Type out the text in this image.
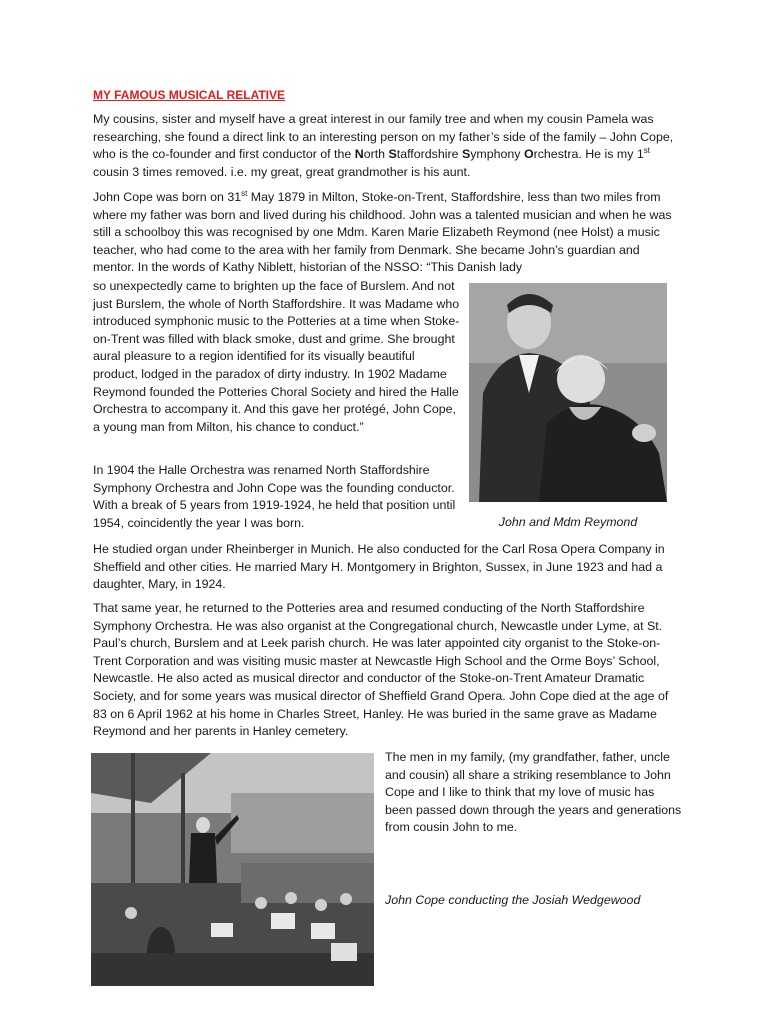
MY FAMOUS MUSICAL RELATIVE

My cousins, sister and myself have a great interest in our family tree and when my cousin Pamela was researching, she found a direct link to an interesting person on my father’s side of the family – John Cope, who is the co-founder and first conductor of the North Staffordshire Symphony Orchestra. He is my 1st cousin 3 times removed. i.e. my great, great grandmother is his aunt.

John Cope was born on 31st May 1879 in Milton, Stoke-on-Trent, Staffordshire, less than two miles from where my father was born and lived during his childhood. John was a talented musician and when he was still a schoolboy this was recognised by one Mdm. Karen Marie Elizabeth Reymond (nee Holst) a music teacher, who had come to the area with her family from Denmark. She became John’s guardian and mentor. In the words of Kathy Niblett, historian of the NSSO: “This Danish lady

so unexpectedly came to brighten up the face of Burslem. And not just Burslem, the whole of North Staffordshire. It was Madame who introduced symphonic music to the Potteries at a time when Stoke-on-Trent was filled with black smoke, dust and grime. She brought aural pleasure to a region identified for its visually beautiful product, lodged in the paradox of dirty industry. In 1902 Madame Reymond founded the Potteries Choral Society and hired the Halle Orchestra to accompany it. And this gave her protégé, John Cope, a young man from Milton, his chance to conduct.”

In 1904 the Halle Orchestra was renamed North Staffordshire Symphony Orchestra and John Cope was the founding conductor. With a break of 5 years from 1919-1924, he held that position until 1954, coincidently the year I was born.	John and Mdm Reymond

He studied organ under Rheinberger in Munich. He also conducted for the Carl Rosa Opera Company in Sheffield and other cities. He married Mary H. Montgomery in Brighton, Sussex, in June 1923 and had a daughter, Mary, in 1924.

That same year, he returned to the Potteries area and resumed conducting of the North Staffordshire Symphony Orchestra. He was also organist at the Congregational church, Newcastle under Lyme, at St. Paul’s church, Burslem and at Leek parish church. He was later appointed city organist to the Stoke-on-Trent Corporation and was visiting music master at Newcastle High School and the Orme Boys’ School, Newcastle. He also acted as musical director and conductor of the Stoke-on-Trent Amateur Dramatic Society, and for some years was musical director of Sheffield Grand Opera. John Cope died at the age of 83 on 6 April 1962 at his home in Charles Street, Hanley. He was buried in the same grave as Madame Reymond and her parents in Hanley cemetery.

The men in my family, (my grandfather, father, uncle and cousin) all share a striking resemblance to John Cope and I like to think that my love of music has been passed down through the years and generations from cousin John to me.

John Cope conducting the Josiah Wedgewood
